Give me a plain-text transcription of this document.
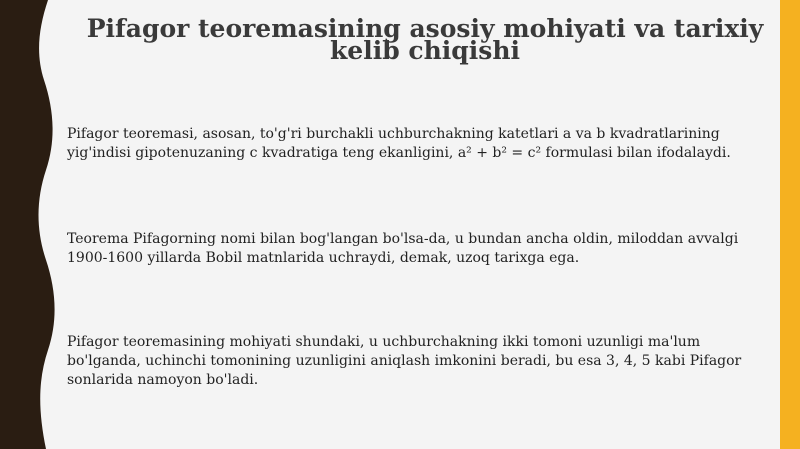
Pifagor teoremasining asosiy mohiyati va tarixiy kelib chiqishi
Pifagor teoremasi, asosan, to'g'ri burchakli uchburchakning katetlari a va b kvadratlarining yig'indisi gipotenuzaning c kvadratiga teng ekanligini, a² + b² = c² formulasi bilan ifodalaydi.
Teorema Pifagorning nomi bilan bog'langan bo'lsa-da, u bundan ancha oldin, miloddan avvalgi 1900-1600 yillarda Bobil matnlarida uchraydi, demak, uzoq tarixga ega.
Pifagor teoremasining mohiyati shundaki, u uchburchakning ikki tomoni uzunligi ma'lum bo'lganda, uchinchi tomonining uzunligini aniqlash imkonini beradi, bu esa 3, 4, 5 kabi Pifagor sonlarida namoyon bo'ladi.
